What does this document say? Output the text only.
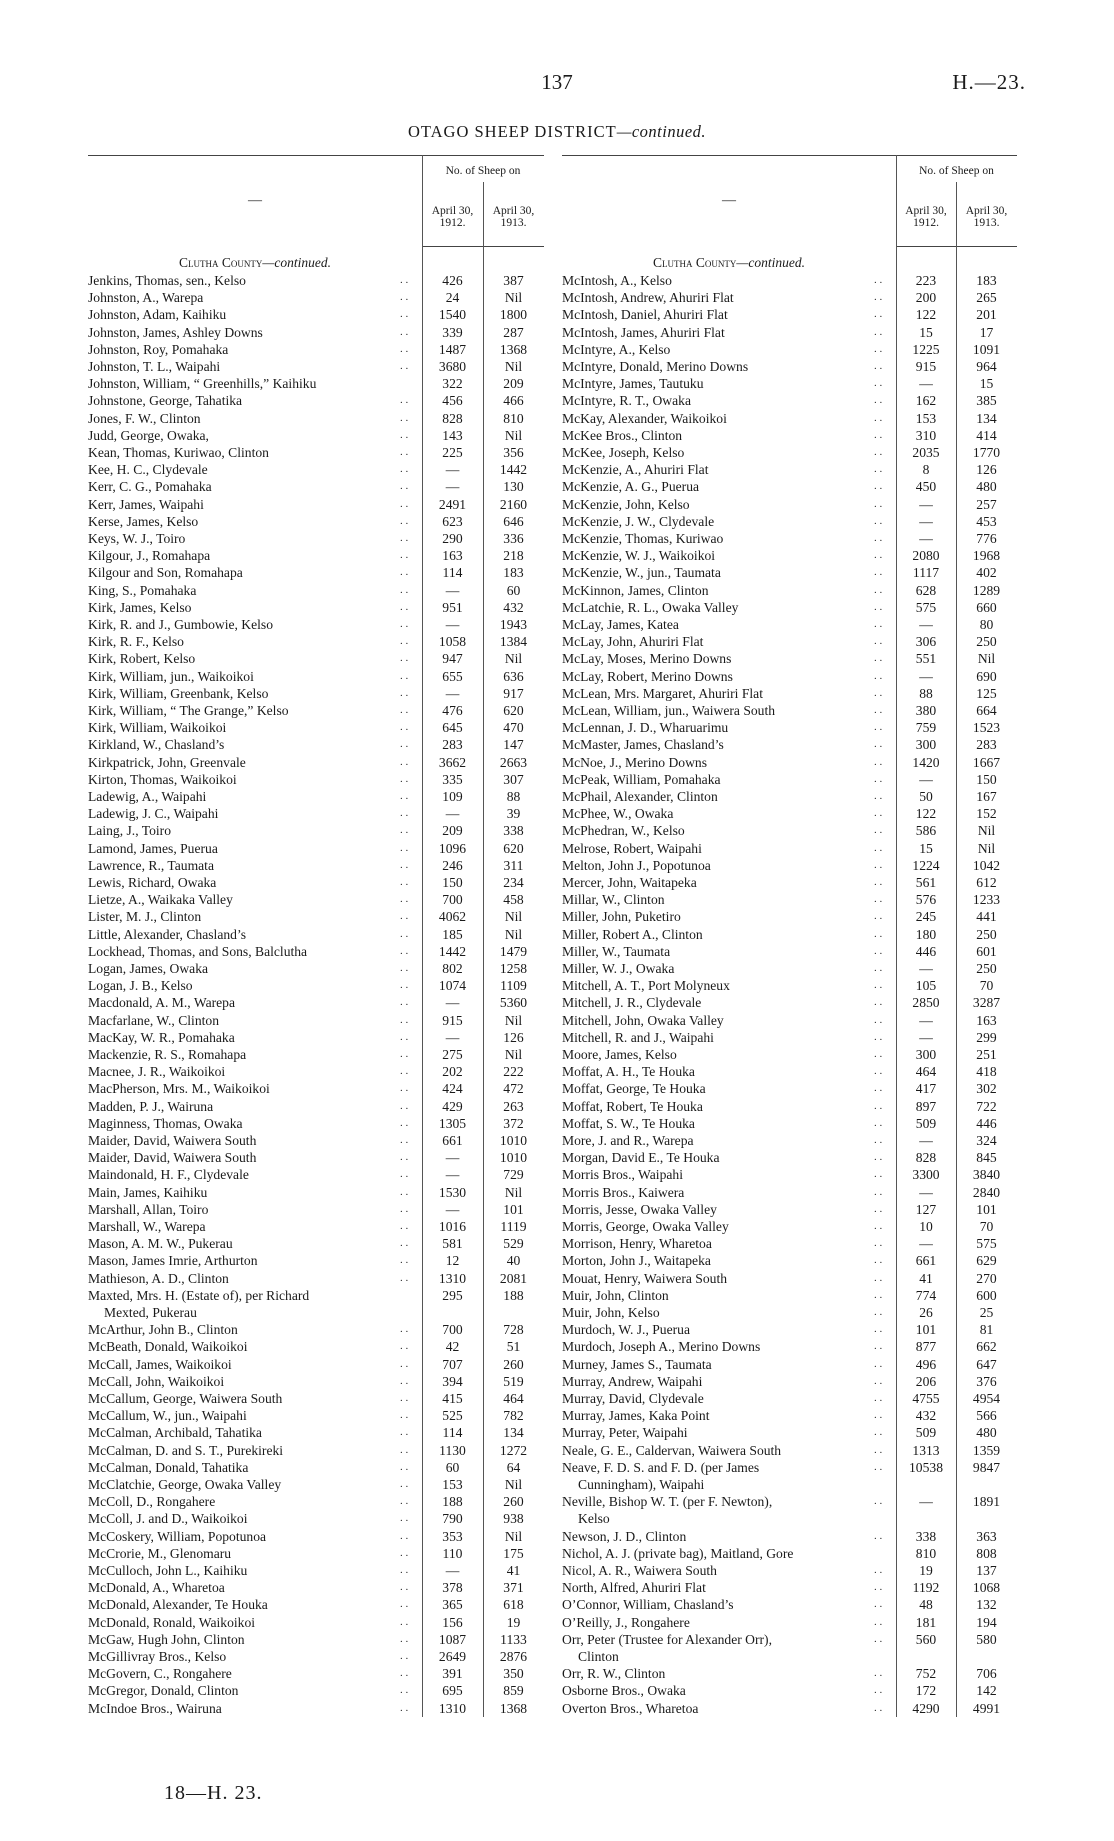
137	H.—23.
OTAGO SHEEP DISTRICT—continued.
—
No. of Sheep on
April 30, 1912.
April 30, 1913.
Clutha County—continued.
Jenkins, Thomas, sen., Kelso	. .	426	387
Johnston, A., Warepa	. .	24	Nil
Johnston, Adam, Kaihiku	. .	1540	1800
Johnston, James, Ashley Downs	. .	339	287
Johnston, Roy, Pomahaka	. .	1487	1368
Johnston, T. L., Waipahi	. .	3680	Nil
Johnston, William, “ Greenhills,” Kaihiku	322	209
Johnstone, George, Tahatika	. .	456	466
Jones, F. W., Clinton	. .	828	810
Judd, George, Owaka,	. .	143	Nil
Kean, Thomas, Kuriwao, Clinton	. .	225	356
Kee, H. C., Clydevale	. .	—	1442
Kerr, C. G., Pomahaka	. .	—	130
Kerr, James, Waipahi	. .	2491	2160
Kerse, James, Kelso	. .	623	646
Keys, W. J., Toiro	. .	290	336
Kilgour, J., Romahapa	. .	163	218
Kilgour and Son, Romahapa	. .	114	183
King, S., Pomahaka	. .	—	60
Kirk, James, Kelso	. .	951	432
Kirk, R. and J., Gumbowie, Kelso	. .	—	1943
Kirk, R. F., Kelso	. .	1058	1384
Kirk, Robert, Kelso	. .	947	Nil
Kirk, William, jun., Waikoikoi	. .	655	636
Kirk, William, Greenbank, Kelso	. .	—	917
Kirk, William, “ The Grange,” Kelso	. .	476	620
Kirk, William, Waikoikoi	. .	645	470
Kirkland, W., Chasland’s	. .	283	147
Kirkpatrick, John, Greenvale	. .	3662	2663
Kirton, Thomas, Waikoikoi	. .	335	307
Ladewig, A., Waipahi	. .	109	88
Ladewig, J. C., Waipahi	. .	—	39
Laing, J., Toiro	. .	209	338
Lamond, James, Puerua	. .	1096	620
Lawrence, R., Taumata	. .	246	311
Lewis, Richard, Owaka	. .	150	234
Lietze, A., Waikaka Valley	. .	700	458
Lister, M. J., Clinton	. .	4062	Nil
Little, Alexander, Chasland’s	. .	185	Nil
Lockhead, Thomas, and Sons, Balclutha	. .	1442	1479
Logan, James, Owaka	. .	802	1258
Logan, J. B., Kelso	. .	1074	1109
Macdonald, A. M., Warepa	. .	—	5360
Macfarlane, W., Clinton	. .	915	Nil
MacKay, W. R., Pomahaka	. .	—	126
Mackenzie, R. S., Romahapa	. .	275	Nil
Macnee, J. R., Waikoikoi	. .	202	222
MacPherson, Mrs. M., Waikoikoi	. .	424	472
Madden, P. J., Wairuna	. .	429	263
Maginness, Thomas, Owaka	. .	1305	372
Maider, David, Waiwera South	. .	661	1010
Maider, David, Waiwera South	. .	—	1010
Maindonald, H. F., Clydevale	. .	—	729
Main, James, Kaihiku	. .	1530	Nil
Marshall, Allan, Toiro	. .	—	101
Marshall, W., Warepa	. .	1016	1119
Mason, A. M. W., Pukerau	. .	581	529
Mason, James Imrie, Arthurton	. .	12	40
Mathieson, A. D., Clinton	. .	1310	2081
Maxted, Mrs. H. (Estate of), per Richard	295	188
Mexted, Pukerau
McArthur, John B., Clinton	. .	700	728
McBeath, Donald, Waikoikoi	. .	42	51
McCall, James, Waikoikoi	. .	707	260
McCall, John, Waikoikoi	. .	394	519
McCallum, George, Waiwera South	. .	415	464
McCallum, W., jun., Waipahi	. .	525	782
McCalman, Archibald, Tahatika	. .	114	134
McCalman, D. and S. T., Purekireki	. .	1130	1272
McCalman, Donald, Tahatika	. .	60	64
McClatchie, George, Owaka Valley	. .	153	Nil
McColl, D., Rongahere	. .	188	260
McColl, J. and D., Waikoikoi	. .	790	938
McCoskery, William, Popotunoa	. .	353	Nil
McCrorie, M., Glenomaru	. .	110	175
McCulloch, John L., Kaihiku	. .	—	41
McDonald, A., Wharetoa	. .	378	371
McDonald, Alexander, Te Houka	. .	365	618
McDonald, Ronald, Waikoikoi	. .	156	19
McGaw, Hugh John, Clinton	. .	1087	1133
McGillivray Bros., Kelso	. .	2649	2876
McGovern, C., Rongahere	. .	391	350
McGregor, Donald, Clinton	. .	695	859
McIndoe Bros., Wairuna	. .	1310	1368
—
No. of Sheep on
April 30, 1912.
April 30, 1913.
Clutha County—continued.
McIntosh, A., Kelso	. .	223	183
McIntosh, Andrew, Ahuriri Flat	. .	200	265
McIntosh, Daniel, Ahuriri Flat	. .	122	201
McIntosh, James, Ahuriri Flat	. .	15	17
McIntyre, A., Kelso	. .	1225	1091
McIntyre, Donald, Merino Downs	. .	915	964
McIntyre, James, Tautuku	. .	—	15
McIntyre, R. T., Owaka	. .	162	385
McKay, Alexander, Waikoikoi	. .	153	134
McKee Bros., Clinton	. .	310	414
McKee, Joseph, Kelso	. .	2035	1770
McKenzie, A., Ahuriri Flat	. .	8	126
McKenzie, A. G., Puerua	. .	450	480
McKenzie, John, Kelso	. .	—	257
McKenzie, J. W., Clydevale	. .	—	453
McKenzie, Thomas, Kuriwao	. .	—	776
McKenzie, W. J., Waikoikoi	. .	2080	1968
McKenzie, W., jun., Taumata	. .	1117	402
McKinnon, James, Clinton	. .	628	1289
McLatchie, R. L., Owaka Valley	. .	575	660
McLay, James, Katea	. .	—	80
McLay, John, Ahuriri Flat	. .	306	250
McLay, Moses, Merino Downs	. .	551	Nil
McLay, Robert, Merino Downs	. .	—	690
McLean, Mrs. Margaret, Ahuriri Flat	. .	88	125
McLean, William, jun., Waiwera South	. .	380	664
McLennan, J. D., Wharuarimu	. .	759	1523
McMaster, James, Chasland’s	. .	300	283
McNoe, J., Merino Downs	. .	1420	1667
McPeak, William, Pomahaka	. .	—	150
McPhail, Alexander, Clinton	. .	50	167
McPhee, W., Owaka	. .	122	152
McPhedran, W., Kelso	. .	586	Nil
Melrose, Robert, Waipahi	. .	15	Nil
Melton, John J., Popotunoa	. .	1224	1042
Mercer, John, Waitapeka	. .	561	612
Millar, W., Clinton	. .	576	1233
Miller, John, Puketiro	. .	245	441
Miller, Robert A., Clinton	. .	180	250
Miller, W., Taumata	. .	446	601
Miller, W. J., Owaka	. .	—	250
Mitchell, A. T., Port Molyneux	. .	105	70
Mitchell, J. R., Clydevale	. .	2850	3287
Mitchell, John, Owaka Valley	. .	—	163
Mitchell, R. and J., Waipahi	. .	—	299
Moore, James, Kelso	. .	300	251
Moffat, A. H., Te Houka	. .	464	418
Moffat, George, Te Houka	. .	417	302
Moffat, Robert, Te Houka	. .	897	722
Moffat, S. W., Te Houka	. .	509	446
More, J. and R., Warepa	. .	—	324
Morgan, David E., Te Houka	. .	828	845
Morris Bros., Waipahi	. .	3300	3840
Morris Bros., Kaiwera	. .	—	2840
Morris, Jesse, Owaka Valley	. .	127	101
Morris, George, Owaka Valley	. .	10	70
Morrison, Henry, Wharetoa	. .	—	575
Morton, John J., Waitapeka	. .	661	629
Mouat, Henry, Waiwera South	. .	41	270
Muir, John, Clinton	. .	774	600
Muir, John, Kelso	. .	26	25
Murdoch, W. J., Puerua	. .	101	81
Murdoch, Joseph A., Merino Downs	. .	877	662
Murney, James S., Taumata	. .	496	647
Murray, Andrew, Waipahi	. .	206	376
Murray, David, Clydevale	. .	4755	4954
Murray, James, Kaka Point	. .	432	566
Murray, Peter, Waipahi	. .	509	480
Neale, G. E., Caldervan, Waiwera South	. .	1313	1359
Neave, F. D. S. and F. D. (per James	. .	10538	9847
Cunningham), Waipahi
Neville, Bishop W. T. (per F. Newton),	. .	—	1891
Kelso
Newson, J. D., Clinton	. .	338	363
Nichol, A. J. (private bag), Maitland, Gore	810	808
Nicol, A. R., Waiwera South	. .	19	137
North, Alfred, Ahuriri Flat	. .	1192	1068
O’Connor, William, Chasland’s	. .	48	132
O’Reilly, J., Rongahere	. .	181	194
Orr, Peter (Trustee for Alexander Orr),	. .	560	580
Clinton
Orr, R. W., Clinton	. .	752	706
Osborne Bros., Owaka	. .	172	142
Overton Bros., Wharetoa	. .	4290	4991
18—H. 23.
